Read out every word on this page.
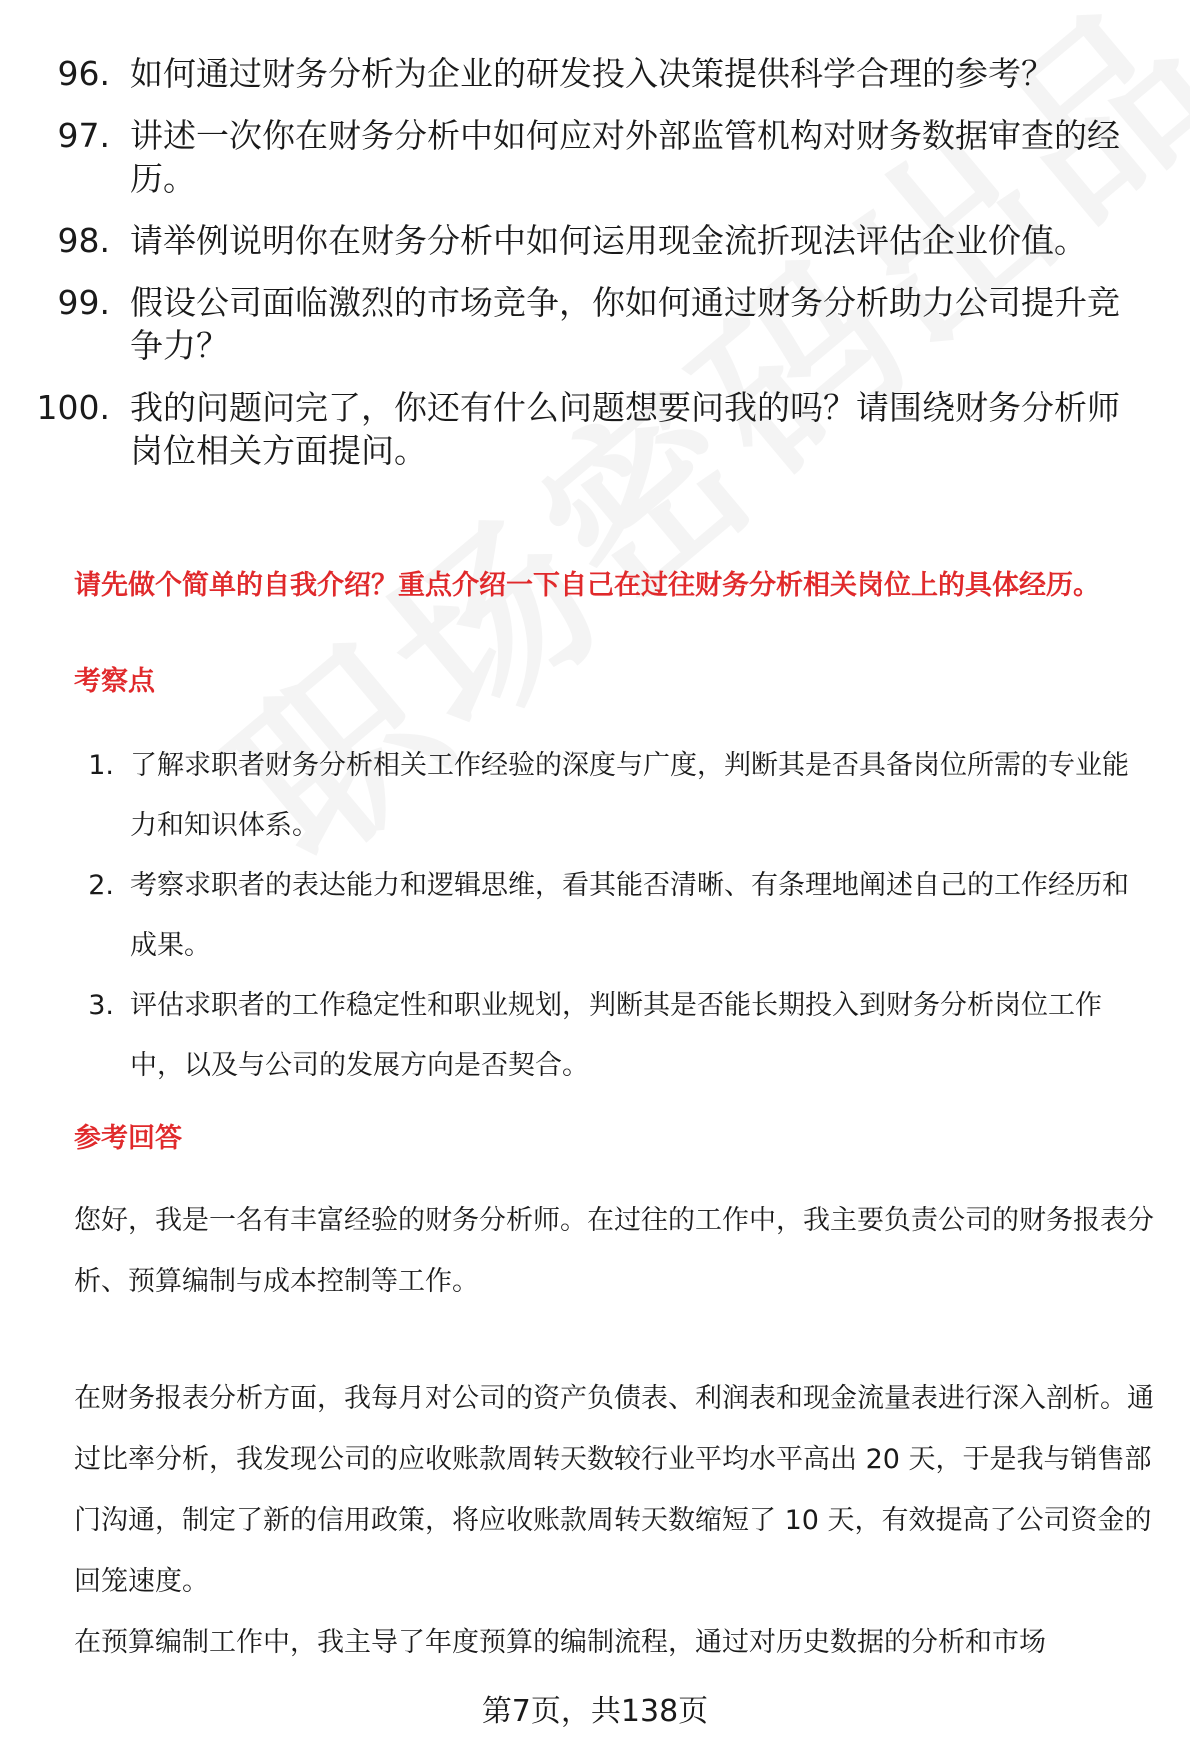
96. 如何通过财务分析为企业的研发投入决策提供科学合理的参考？
97. 讲述一次你在财务分析中如何应对外部监管机构对财务数据审查的经历。
98. 请举例说明你在财务分析中如何运用现金流折现法评估企业价值。
99. 假设公司面临激烈的市场竞争，你如何通过财务分析助力公司提升竞争力？
100. 我的问题问完了，你还有什么问题想要问我的吗？请围绕财务分析师岗位相关方面提问。
请先做个简单的自我介绍？重点介绍一下自己在过往财务分析相关岗位上的具体经历。
考察点
1. 了解求职者财务分析相关工作经验的深度与广度，判断其是否具备岗位所需的专业能力和知识体系。
2. 考察求职者的表达能力和逻辑思维，看其能否清晰、有条理地阐述自己的工作经历和成果。
3. 评估求职者的工作稳定性和职业规划，判断其是否能长期投入到财务分析岗位工作中，以及与公司的发展方向是否契合。
参考回答

您好，我是一名有丰富经验的财务分析师。在过往的工作中，我主要负责公司的财务报表分析、预算编制与成本控制等工作。

在财务报表分析方面，我每月对公司的资产负债表、利润表和现金流量表进行深入剖析。通过比率分析，我发现公司的应收账款周转天数较行业平均水平高出 20 天，于是我与销售部门沟通，制定了新的信用政策，将应收账款周转天数缩短了 10 天，有效提高了公司资金的回笼速度。

在预算编制工作中，我主导了年度预算的编制流程，通过对历史数据的分析和市场

第7页，共138页
